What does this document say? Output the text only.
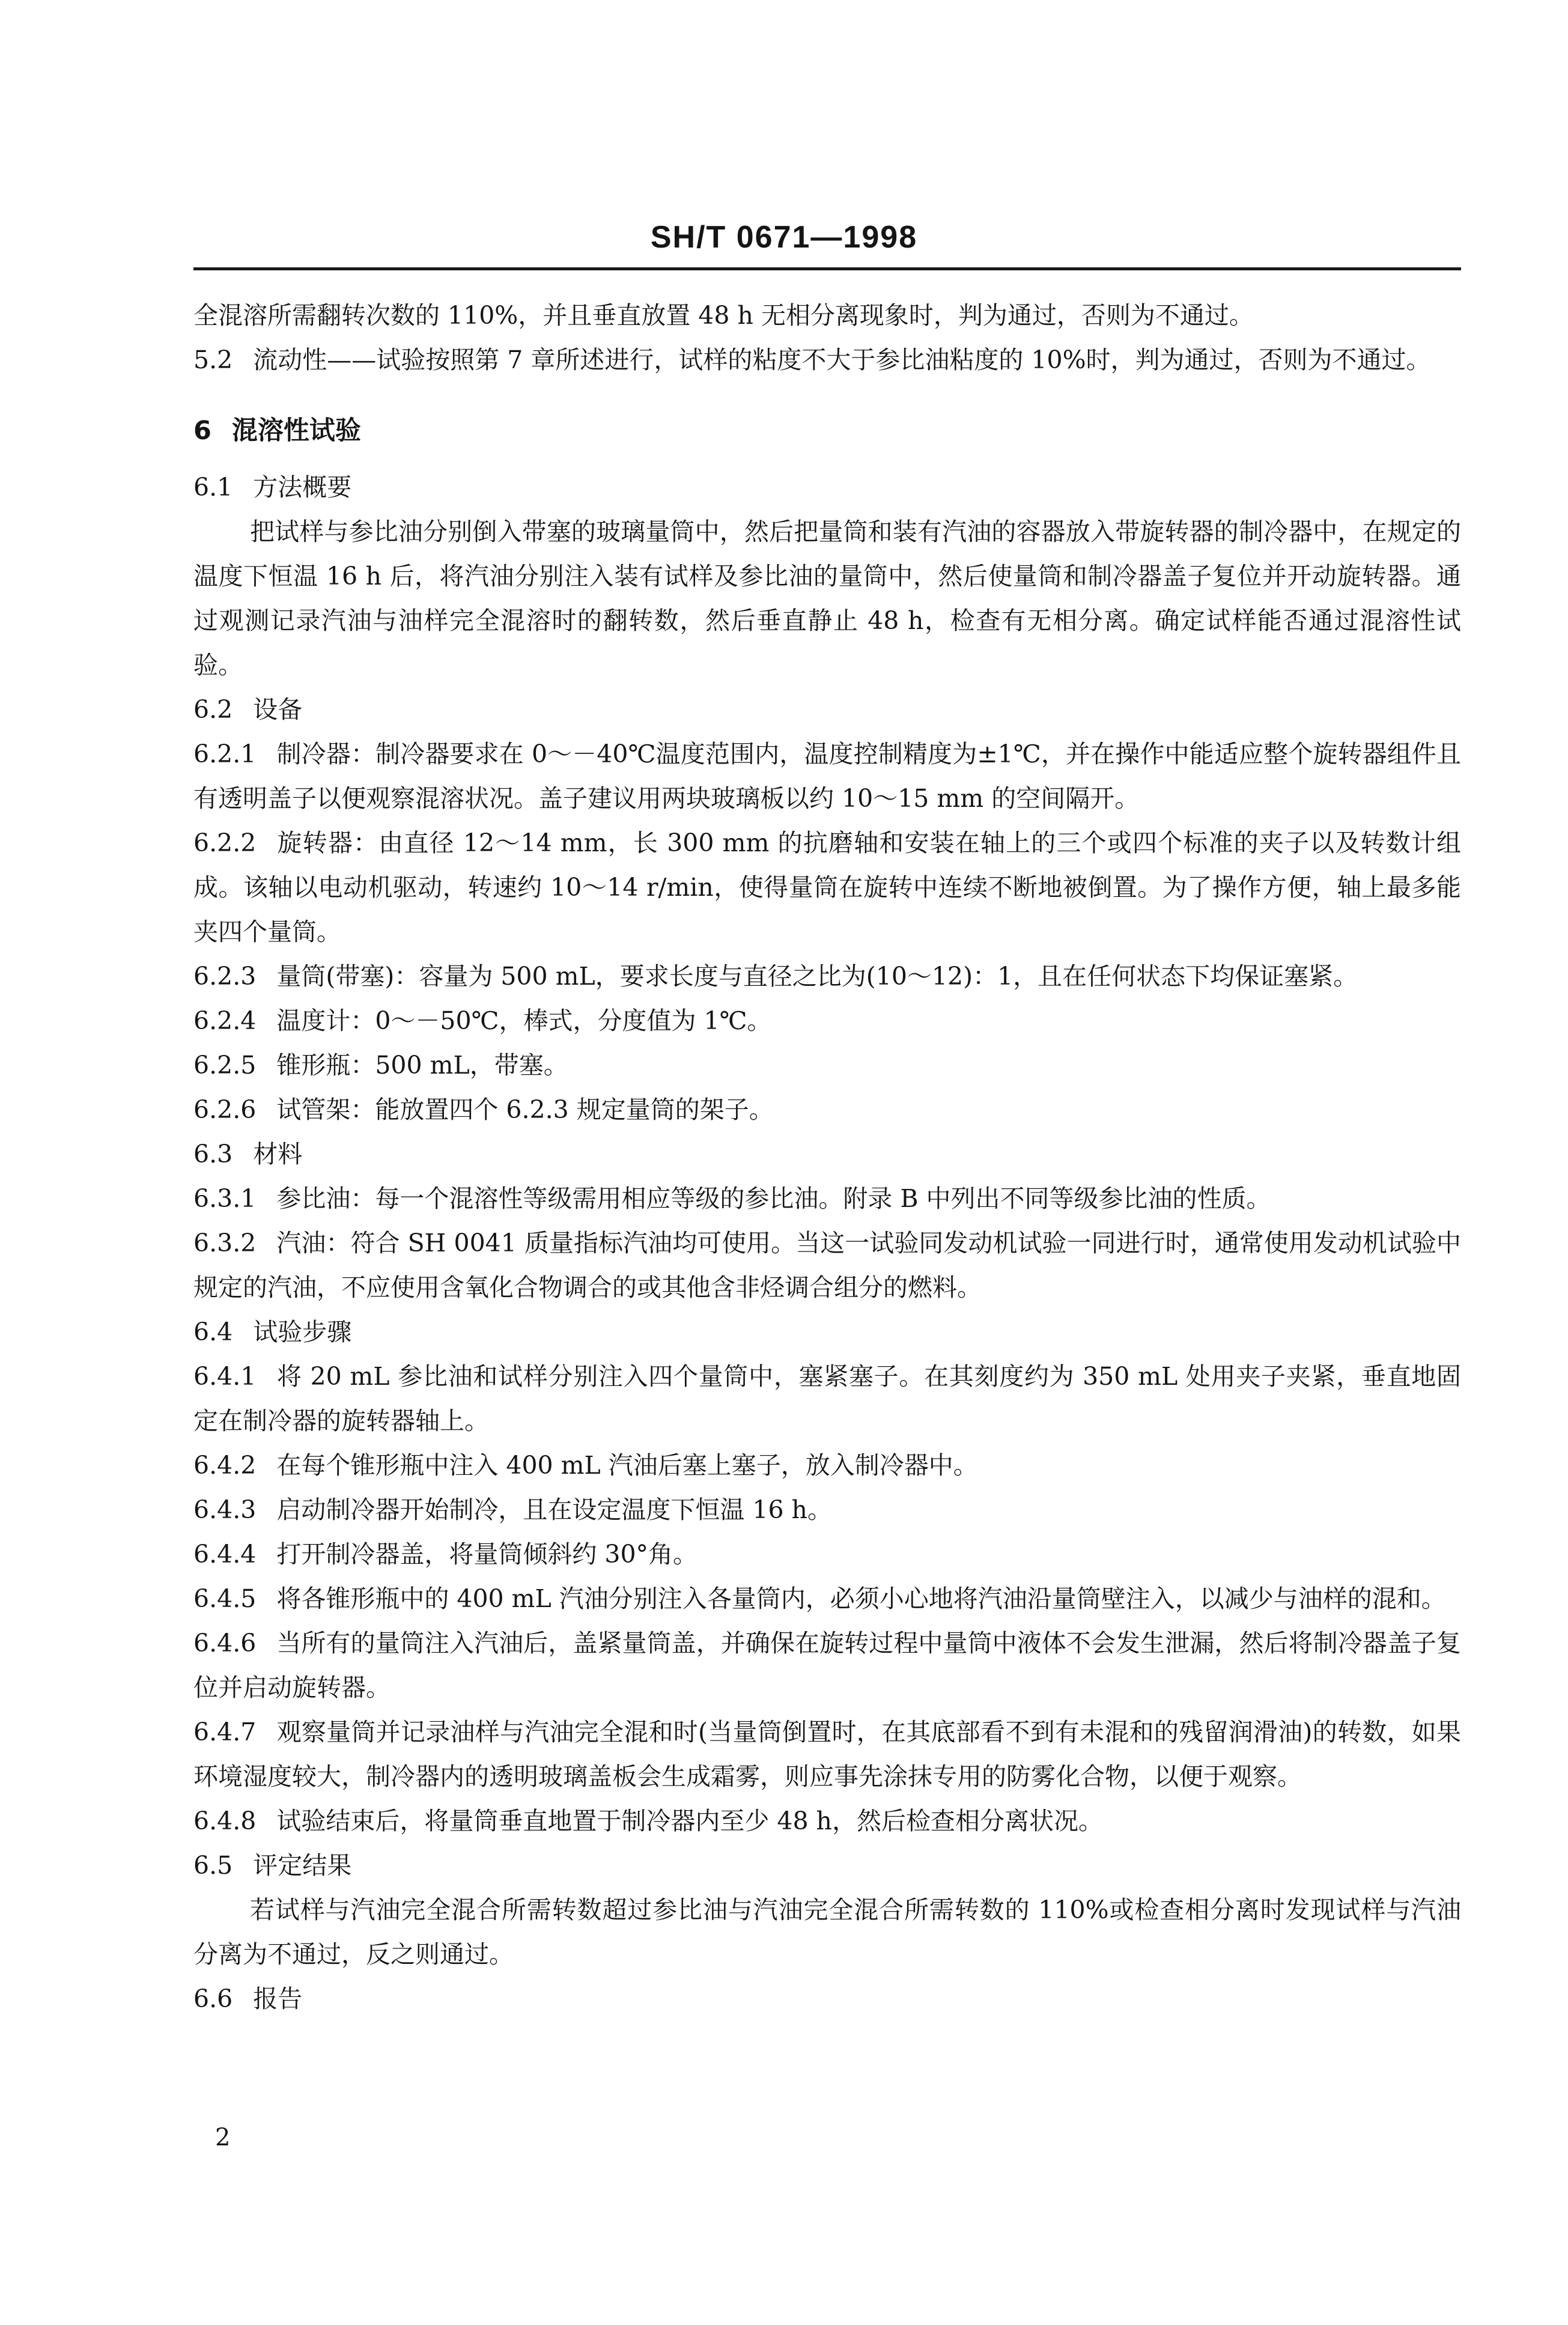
SH/T 0671—1998

全混溶所需翻转次数的 110%，并且垂直放置 48 h 无相分离现象时，判为通过，否则为不通过。

5.2 流动性——试验按照第 7 章所述进行，试样的粘度不大于参比油粘度的 10%时，判为通过，否则为不通过。

6 混溶性试验

6.1 方法概要

把试样与参比油分别倒入带塞的玻璃量筒中，然后把量筒和装有汽油的容器放入带旋转器的制冷器中，在规定的温度下恒温 16 h 后，将汽油分别注入装有试样及参比油的量筒中，然后使量筒和制冷器盖子复位并开动旋转器。通过观测记录汽油与油样完全混溶时的翻转数，然后垂直静止 48 h，检查有无相分离。确定试样能否通过混溶性试验。

6.2 设备

6.2.1 制冷器：制冷器要求在 0～－40℃温度范围内，温度控制精度为±1℃，并在操作中能适应整个旋转器组件且有透明盖子以便观察混溶状况。盖子建议用两块玻璃板以约 10～15 mm 的空间隔开。

6.2.2 旋转器：由直径 12～14 mm，长 300 mm 的抗磨轴和安装在轴上的三个或四个标准的夹子以及转数计组成。该轴以电动机驱动，转速约 10～14 r/min，使得量筒在旋转中连续不断地被倒置。为了操作方便，轴上最多能夹四个量筒。

6.2.3 量筒(带塞)：容量为 500 mL，要求长度与直径之比为(10～12)：1，且在任何状态下均保证塞紧。

6.2.4 温度计：0～－50℃，棒式，分度值为 1℃。

6.2.5 锥形瓶：500 mL，带塞。

6.2.6 试管架：能放置四个 6.2.3 规定量筒的架子。

6.3 材料

6.3.1 参比油：每一个混溶性等级需用相应等级的参比油。附录 B 中列出不同等级参比油的性质。

6.3.2 汽油：符合 SH 0041 质量指标汽油均可使用。当这一试验同发动机试验一同进行时，通常使用发动机试验中规定的汽油，不应使用含氧化合物调合的或其他含非烃调合组分的燃料。

6.4 试验步骤

6.4.1 将 20 mL 参比油和试样分别注入四个量筒中，塞紧塞子。在其刻度约为 350 mL 处用夹子夹紧，垂直地固定在制冷器的旋转器轴上。

6.4.2 在每个锥形瓶中注入 400 mL 汽油后塞上塞子，放入制冷器中。

6.4.3 启动制冷器开始制冷，且在设定温度下恒温 16 h。

6.4.4 打开制冷器盖，将量筒倾斜约 30°角。

6.4.5 将各锥形瓶中的 400 mL 汽油分别注入各量筒内，必须小心地将汽油沿量筒壁注入，以减少与油样的混和。

6.4.6 当所有的量筒注入汽油后，盖紧量筒盖，并确保在旋转过程中量筒中液体不会发生泄漏，然后将制冷器盖子复位并启动旋转器。

6.4.7 观察量筒并记录油样与汽油完全混和时(当量筒倒置时，在其底部看不到有未混和的残留润滑油)的转数，如果环境湿度较大，制冷器内的透明玻璃盖板会生成霜雾，则应事先涂抹专用的防雾化合物，以便于观察。

6.4.8 试验结束后，将量筒垂直地置于制冷器内至少 48 h，然后检查相分离状况。

6.5 评定结果

若试样与汽油完全混合所需转数超过参比油与汽油完全混合所需转数的 110%或检查相分离时发现试样与汽油分离为不通过，反之则通过。

6.6 报告

2
